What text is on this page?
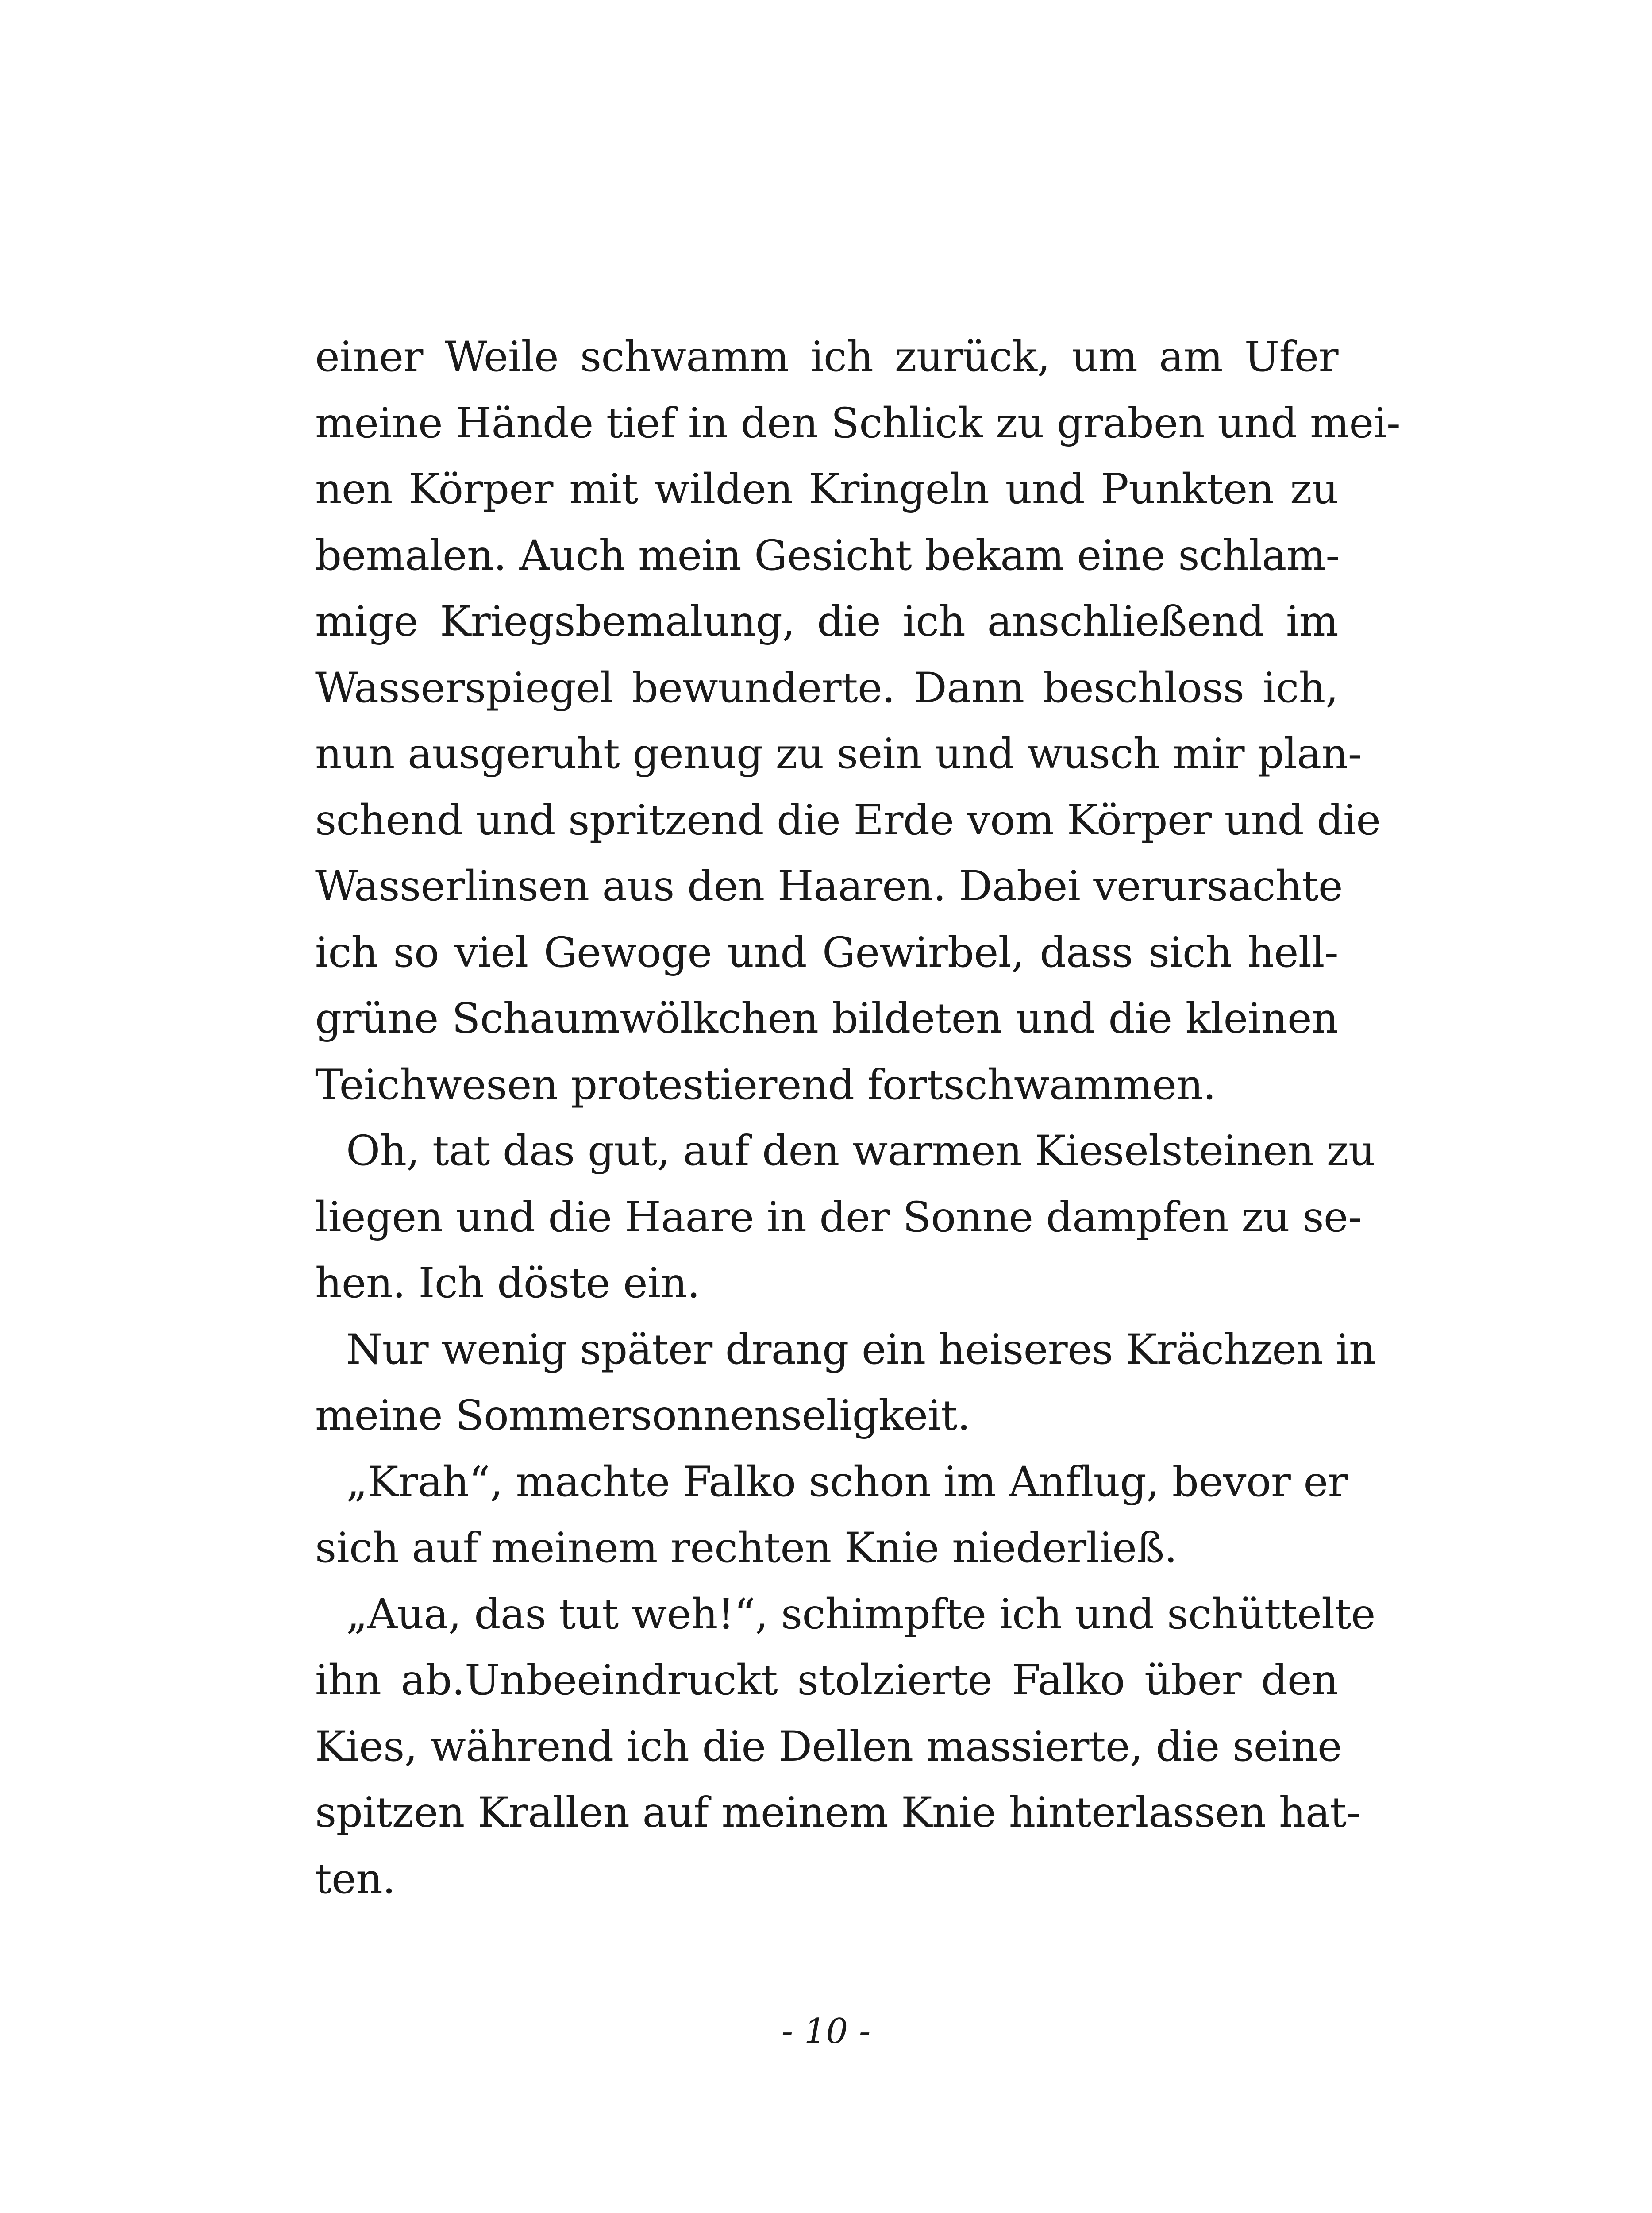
einer Weile schwamm ich zurück, um am Ufer
meine Hände tief in den Schlick zu graben und mei-
nen Körper mit wilden Kringeln und Punkten zu
bemalen. Auch mein Gesicht bekam eine schlam-
mige Kriegsbemalung, die ich anschließend im
Wasserspiegel bewunderte. Dann beschloss ich,
nun ausgeruht genug zu sein und wusch mir plan-
schend und spritzend die Erde vom Körper und die
Wasserlinsen aus den Haaren. Dabei verursachte
ich so viel Gewoge und Gewirbel, dass sich hell-
grüne Schaumwölkchen bildeten und die kleinen
Teichwesen protestierend fortschwammen.
Oh, tat das gut, auf den warmen Kieselsteinen zu
liegen und die Haare in der Sonne dampfen zu se-
hen. Ich döste ein.
Nur wenig später drang ein heiseres Krächzen in
meine Sommersonnenseligkeit.
„Krah“, machte Falko schon im Anflug, bevor er
sich auf meinem rechten Knie niederließ.
„Aua, das tut weh!“, schimpfte ich und schüttelte
ihn ab.Unbeeindruckt stolzierte Falko über den
Kies, während ich die Dellen massierte, die seine
spitzen Krallen auf meinem Knie hinterlassen hat-
ten.
- 10 -
